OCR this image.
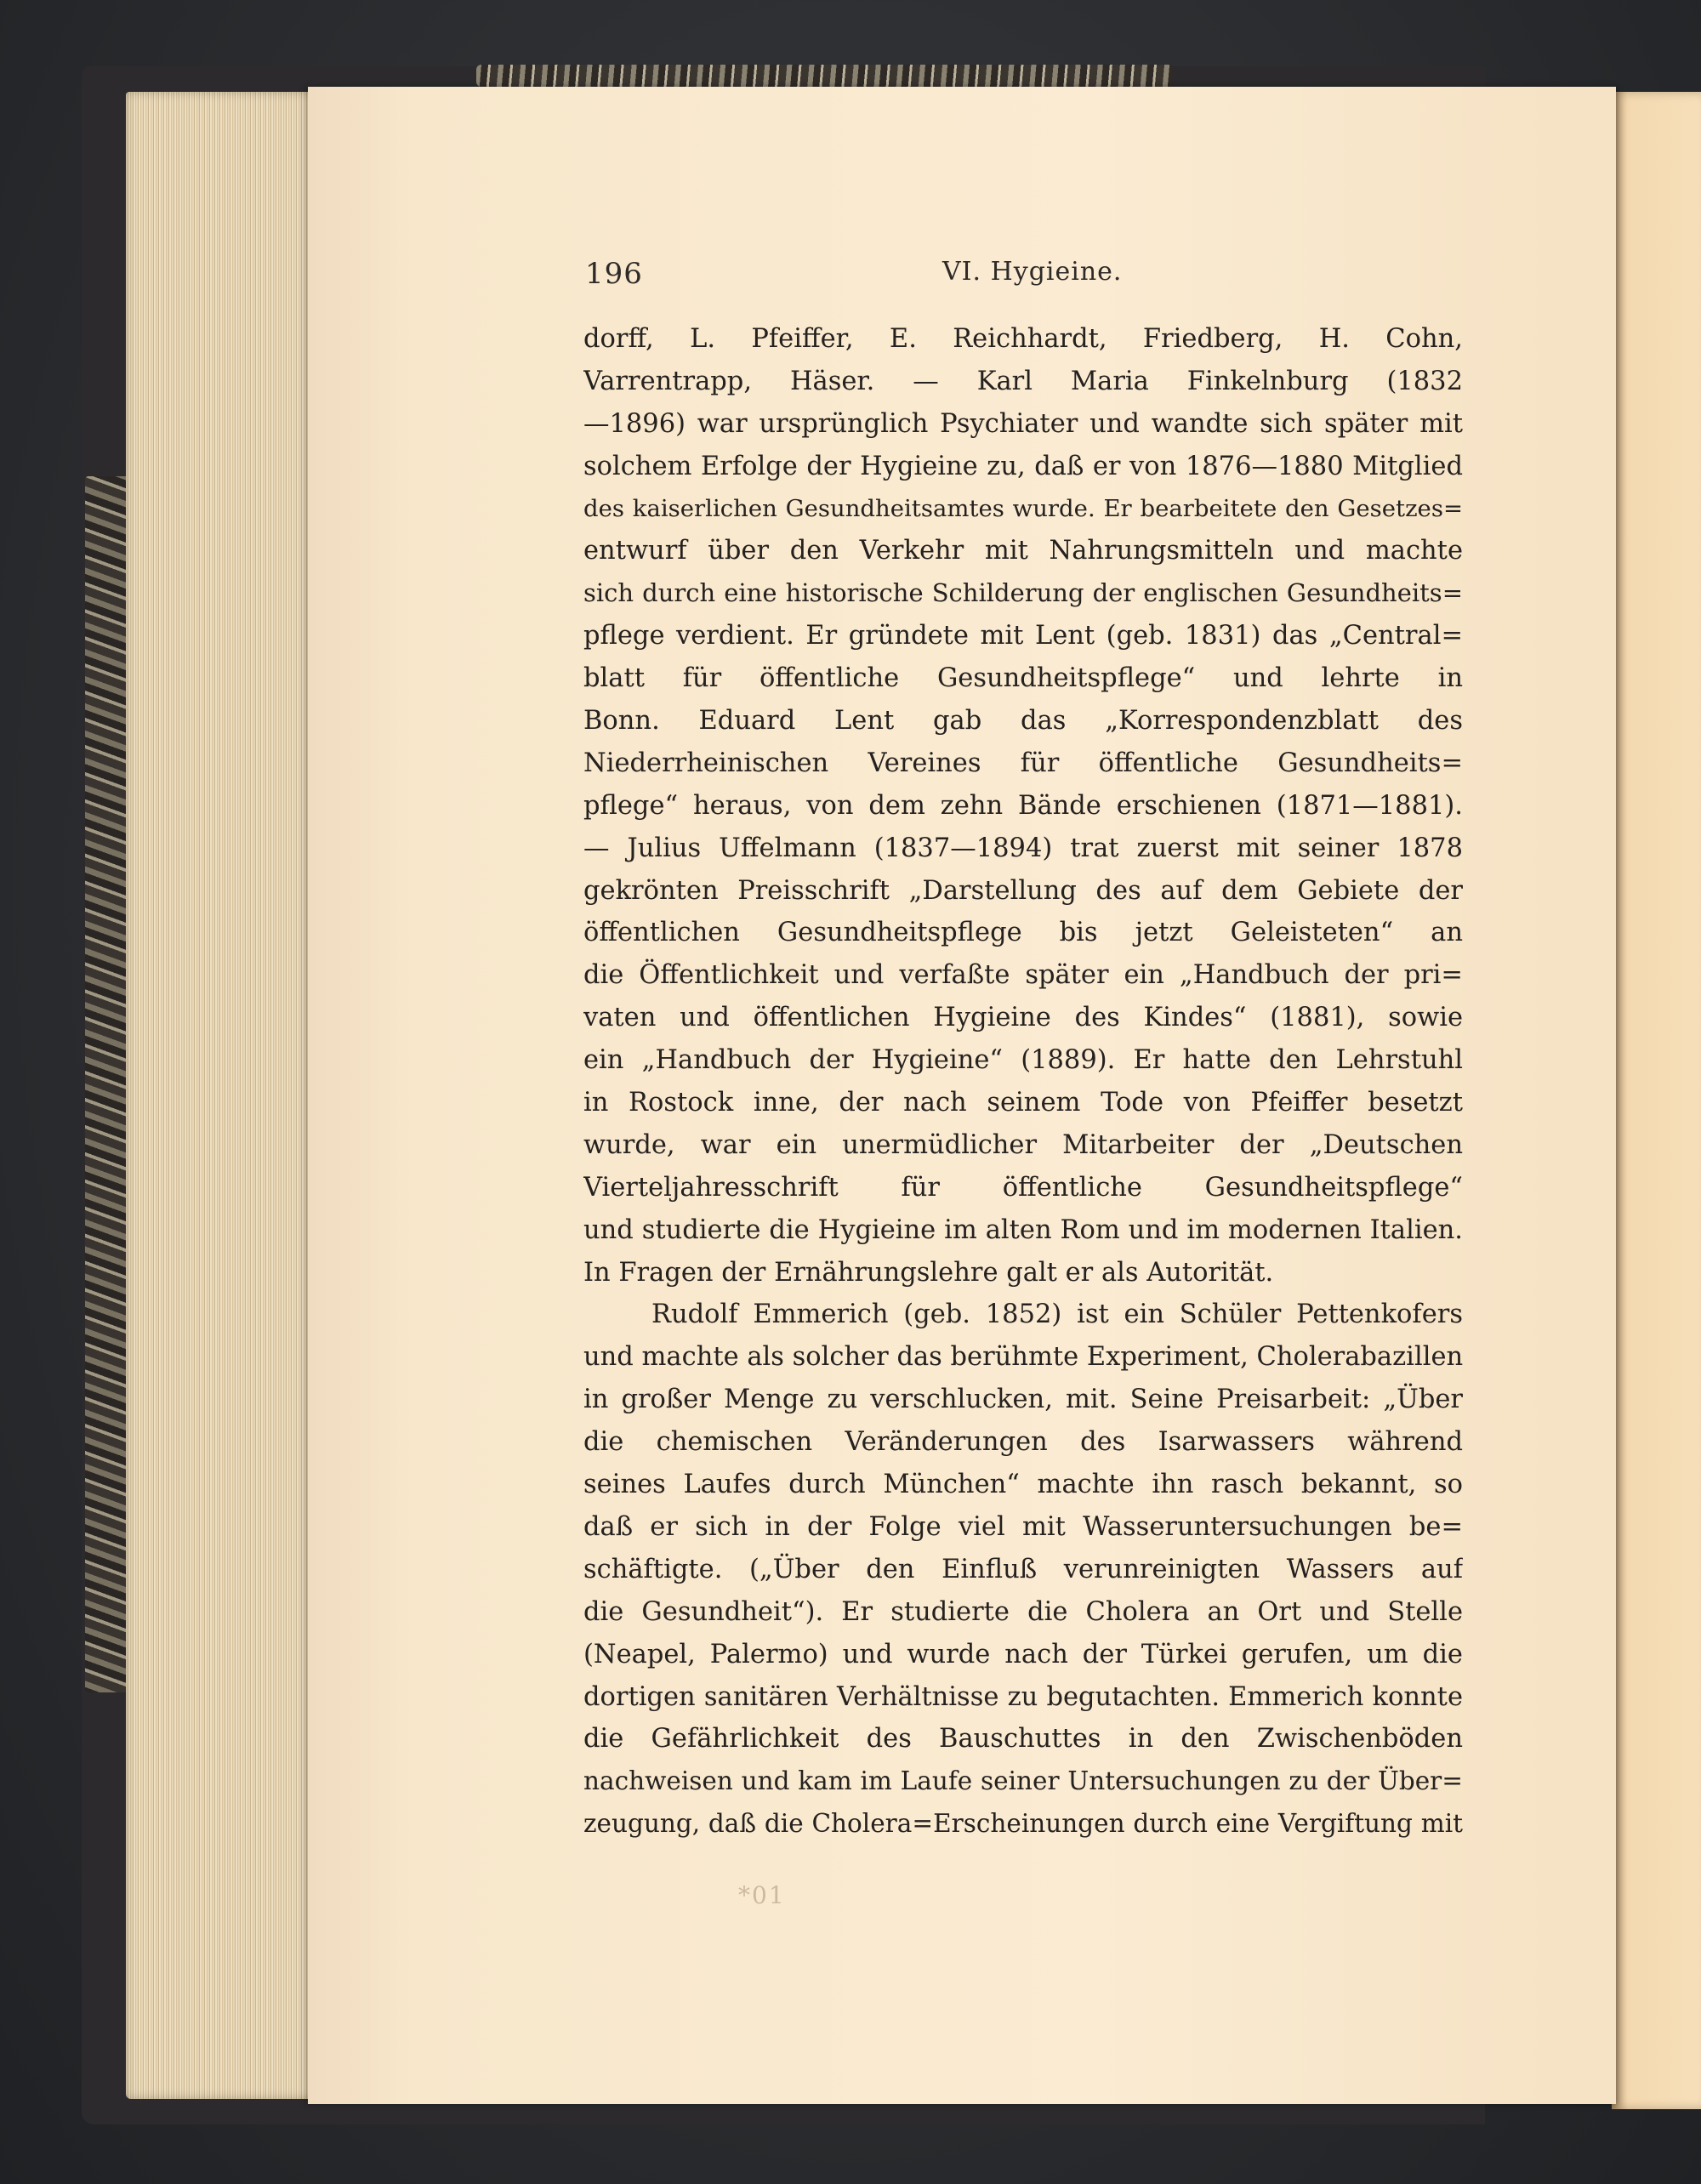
196	VI. Hygieine.
dorff, L. Pfeiffer, E. Reichhardt, Friedberg, H. Cohn,
Varrentrapp, Häser. — Karl Maria Finkelnburg (1832
—1896) war ursprünglich Psychiater und wandte sich später mit
solchem Erfolge der Hygieine zu, daß er von 1876—1880 Mitglied
des kaiserlichen Gesundheitsamtes wurde. Er bearbeitete den Gesetzes=
entwurf über den Verkehr mit Nahrungsmitteln und machte
sich durch eine historische Schilderung der englischen Gesundheits=
pflege verdient. Er gründete mit Lent (geb. 1831) das „Central=
blatt für öffentliche Gesundheitspflege“ und lehrte in
Bonn. Eduard Lent gab das „Korrespondenzblatt des
Niederrheinischen Vereines für öffentliche Gesundheits=
pflege“ heraus, von dem zehn Bände erschienen (1871—1881).
— Julius Uffelmann (1837—1894) trat zuerst mit seiner 1878
gekrönten Preisschrift „Darstellung des auf dem Gebiete der
öffentlichen Gesundheitspflege bis jetzt Geleisteten“ an
die Öffentlichkeit und verfaßte später ein „Handbuch der pri=
vaten und öffentlichen Hygieine des Kindes“ (1881), sowie
ein „Handbuch der Hygieine“ (1889). Er hatte den Lehrstuhl
in Rostock inne, der nach seinem Tode von Pfeiffer besetzt
wurde, war ein unermüdlicher Mitarbeiter der „Deutschen
Vierteljahresschrift für öffentliche Gesundheitspflege“
und studierte die Hygieine im alten Rom und im modernen Italien.
In Fragen der Ernährungslehre galt er als Autorität.
Rudolf Emmerich (geb. 1852) ist ein Schüler Pettenkofers
und machte als solcher das berühmte Experiment, Cholerabazillen
in großer Menge zu verschlucken, mit. Seine Preisarbeit: „Über
die chemischen Veränderungen des Isarwassers während
seines Laufes durch München“ machte ihn rasch bekannt, so
daß er sich in der Folge viel mit Wasseruntersuchungen be=
schäftigte. („Über den Einfluß verunreinigten Wassers auf
die Gesundheit“). Er studierte die Cholera an Ort und Stelle
(Neapel, Palermo) und wurde nach der Türkei gerufen, um die
dortigen sanitären Verhältnisse zu begutachten. Emmerich konnte
die Gefährlichkeit des Bauschuttes in den Zwischenböden
nachweisen und kam im Laufe seiner Untersuchungen zu der Über=
zeugung, daß die Cholera=Erscheinungen durch eine Vergiftung mit
*01
